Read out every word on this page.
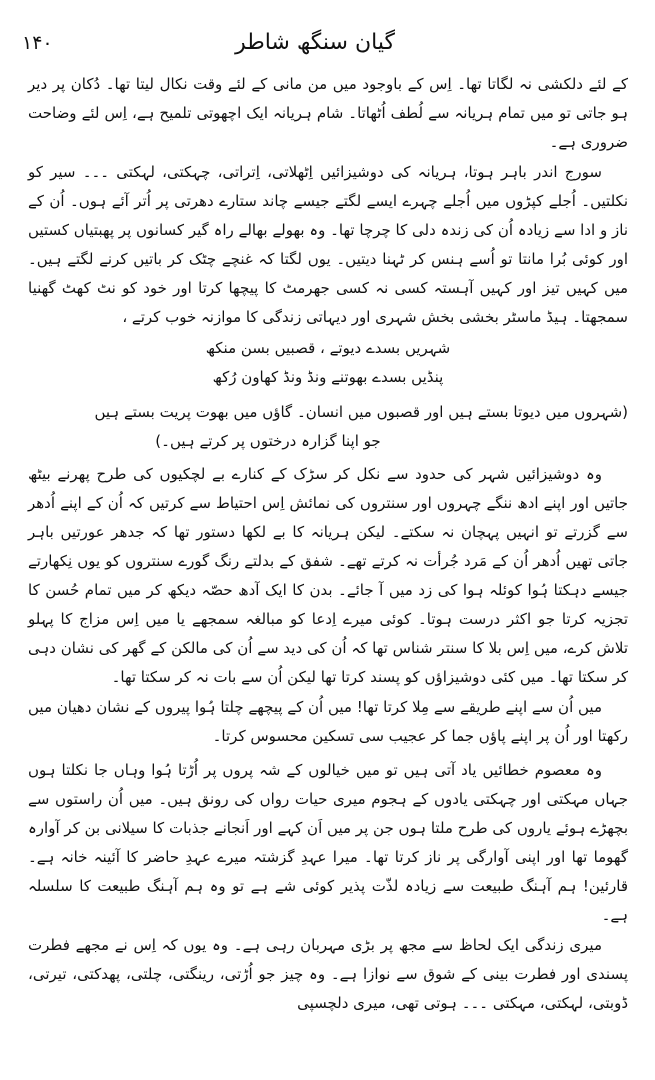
گیان سنگھ شاطر
۱۴۰

کے لئے دلکشی نہ لگاتا تھا۔ اِس کے باوجود میں من مانی کے لئے وقت نکال لیتا تھا۔ دُکان پر دیر ہو جاتی تو میں تمام ہریانہ سے لُطف اُٹھاتا۔ شام ہریانہ ایک اچھوتی تلمیح ہے، اِس لئے وضاحت ضروری ہے۔

سورج اندر باہر ہوتا، ہریانہ کی دوشیزائیں اِٹھلاتی، اِتراتی، چہکتی، لہکتی ۔۔۔ سیر کو نکلتیں۔ اُجلے کپڑوں میں اُجلے چہرے ایسے لگتے جیسے چاند ستارے دھرتی پر اُتر آئے ہوں۔ اُن کے ناز و ادا سے زیادہ اُن کی زندہ دلی کا چرچا تھا۔ وہ بھولے بھالے راہ گیر کسانوں پر پھبتیاں کستیں اور کوئی بُرا مانتا تو اُسے ہنس کر ٹہنا دیتیں۔ یوں لگتا کہ غنچے چٹک کر باتیں کرنے لگتے ہیں۔ میں کہیں تیز اور کہیں آہستہ کسی نہ کسی جھرمٹ کا پیچھا کرتا اور خود کو نٹ کھٹ گھنیا سمجھتا۔ ہیڈ ماسٹر بخشی بخش شہری اور دیہاتی زندگی کا موازنہ خوب کرتے ،

شہریں بسدے دیوتے ، قصبیں بسن منکھ

پنڈیں بسدے بھوتنے ونڈ ونڈ کھاون رُکھ

(شہروں میں دیوتا بستے ہیں اور قصبوں میں انسان۔ گاؤں میں بھوت پریت بستے ہیں

جو اپنا گزارہ درختوں پر کرتے ہیں۔)

وہ دوشیزائیں شہر کی حدود سے نکل کر سڑک کے کنارے بے لچکیوں کی طرح پھرنے بیٹھ جاتیں اور اپنے ادھ ننگے چہروں اور سنتروں کی نمائش اِس احتیاط سے کرتیں کہ اُن کے اپنے اُدھر سے گزرتے تو انہیں پہچان نہ سکتے۔ لیکن ہریانہ کا بے لکھا دستور تھا کہ جدھر عورتیں باہر جاتی تھیں اُدھر اُن کے مَرد جُرأت نہ کرتے تھے۔ شفق کے بدلتے رنگ گورے سنتروں کو یوں نِکھارتے جیسے دہکتا ہُوا کوئلہ ہوا کی زد میں آ جائے۔ بدن کا ایک آدھ حصّہ دیکھ کر میں تمام حُسن کا تجزیہ کرتا جو اکثر درست ہوتا۔ کوئی میرے اِدعا کو مبالغہ سمجھے یا میں اِس مزاج کا پہلو تلاش کرے، میں اِس بلا کا سنتر شناس تھا کہ اُن کی دید سے اُن کی مالکن کے گھر کی نشان دہی کر سکتا تھا۔ میں کئی دوشیزاؤں کو پسند کرتا تھا لیکن اُن سے بات نہ کر سکتا تھا۔

میں اُن سے اپنے طریقے سے مِلا کرتا تھا! میں اُن کے پیچھے چلتا ہُوا پیروں کے نشان دھیان میں رکھتا اور اُن پر اپنے پاؤں جما کر عجیب سی تسکین محسوس کرتا۔

وہ معصوم خطائیں یاد آتی ہیں تو میں خیالوں کے شہ پروں پر اُڑتا ہُوا وہاں جا نکلتا ہوں جہاں مہکتی اور چہکتی یادوں کے ہجوم میری حیات رواں کی رونق ہیں۔ میں اُن راستوں سے بچھڑے ہوئے یاروں کی طرح ملتا ہوں جن پر میں اَن کہے اور اَنجانے جذبات کا سیلانی بن کر آوارہ گھوما تھا اور اپنی آوارگی پر ناز کرتا تھا۔ میرا عہدِ گزشتہ میرے عہدِ حاضر کا آئینہ خانہ ہے۔ قارئین! ہم آہنگ طبیعت سے زیادہ لذّت پذیر کوئی شے ہے تو وہ ہم آہنگ طبیعت کا سلسلہ ہے۔

میری زندگی ایک لحاظ سے مجھ پر بڑی مہربان رہی ہے۔ وہ یوں کہ اِس نے مجھے فطرت پسندی اور فطرت بینی کے شوق سے نوازا ہے۔ وہ چیز جو اُڑتی، رینگتی، چلتی، پھدکتی، تیرتی، ڈوبتی، لہکتی، مہکتی ۔۔۔ ہوتی تھی، میری دلچسپی
